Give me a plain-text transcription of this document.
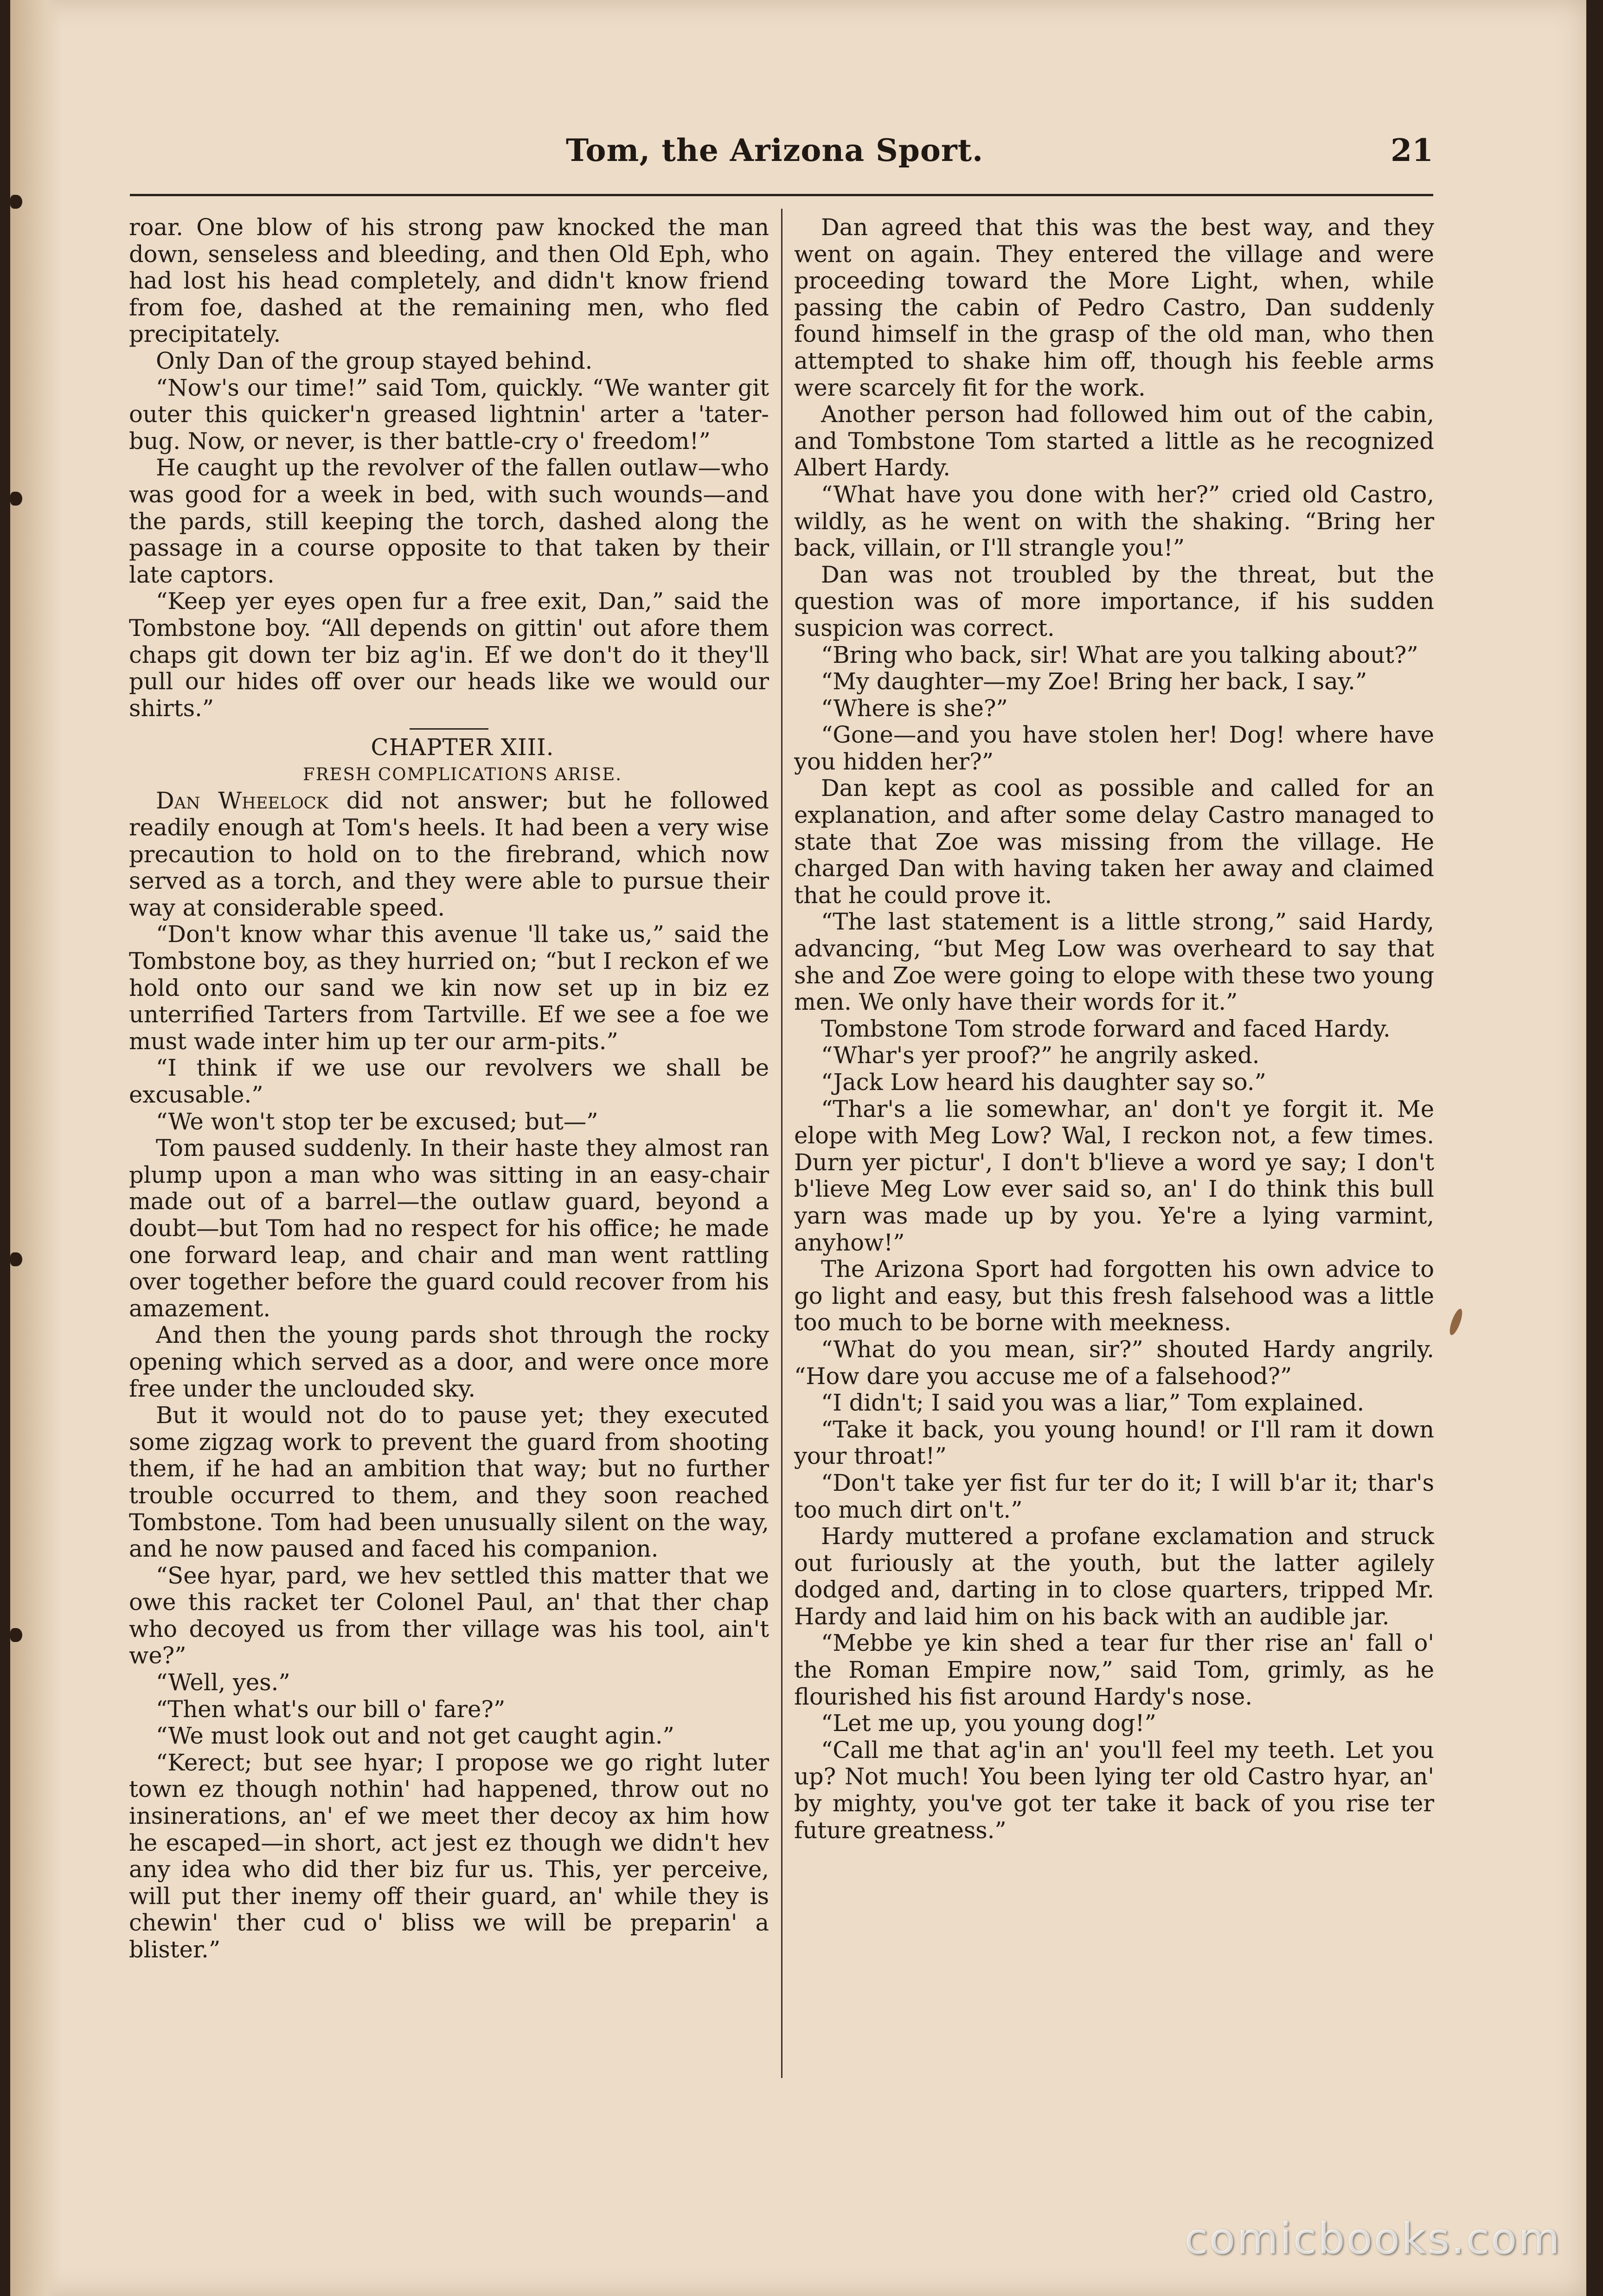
Tom, the Arizona Sport.	21

roar. One blow of his strong paw knocked the man down, senseless and bleeding, and then Old Eph, who had lost his head completely, and didn't know friend from foe, dashed at the remaining men, who fled precipitately.

Only Dan of the group stayed behind.

“Now's our time!” said Tom, quickly. “We wanter git outer this quicker'n greased lightnin' arter a 'tater-bug. Now, or never, is ther battle-cry o' freedom!”

He caught up the revolver of the fallen outlaw—who was good for a week in bed, with such wounds—and the pards, still keeping the torch, dashed along the passage in a course opposite to that taken by their late captors.

“Keep yer eyes open fur a free exit, Dan,” said the Tombstone boy. “All depends on gittin' out afore them chaps git down ter biz ag'in. Ef we don't do it they'll pull our hides off over our heads like we would our shirts.”

CHAPTER XIII.

FRESH COMPLICATIONS ARISE.

Dan Wheelock did not answer; but he followed readily enough at Tom's heels. It had been a very wise precaution to hold on to the firebrand, which now served as a torch, and they were able to pursue their way at considerable speed.

“Don't know whar this avenue 'll take us,” said the Tombstone boy, as they hurried on; “but I reckon ef we hold onto our sand we kin now set up in biz ez unterrified Tarters from Tartville. Ef we see a foe we must wade inter him up ter our arm-pits.”

“I think if we use our revolvers we shall be excusable.”

“We won't stop ter be excused; but—”

Tom paused suddenly. In their haste they almost ran plump upon a man who was sitting in an easy-chair made out of a barrel—the outlaw guard, beyond a doubt—but Tom had no respect for his office; he made one forward leap, and chair and man went rattling over together before the guard could recover from his amazement.

And then the young pards shot through the rocky opening which served as a door, and were once more free under the unclouded sky.

But it would not do to pause yet; they executed some zigzag work to prevent the guard from shooting them, if he had an ambition that way; but no further trouble occurred to them, and they soon reached Tombstone. Tom had been unusually silent on the way, and he now paused and faced his companion.

“See hyar, pard, we hev settled this matter that we owe this racket ter Colonel Paul, an' that ther chap who decoyed us from ther village was his tool, ain't we?”

“Well, yes.”

“Then what's our bill o' fare?”

“We must look out and not get caught agin.”

“Kerect; but see hyar; I propose we go right luter town ez though nothin' had happened, throw out no insinerations, an' ef we meet ther decoy ax him how he escaped—in short, act jest ez though we didn't hev any idea who did ther biz fur us. This, yer perceive, will put ther inemy off their guard, an' while they is chewin' ther cud o' bliss we will be preparin' a blister.”

Dan agreed that this was the best way, and they went on again. They entered the village and were proceeding toward the More Light, when, while passing the cabin of Pedro Castro, Dan suddenly found himself in the grasp of the old man, who then attempted to shake him off, though his feeble arms were scarcely fit for the work.

Another person had followed him out of the cabin, and Tombstone Tom started a little as he recognized Albert Hardy.

“What have you done with her?” cried old Castro, wildly, as he went on with the shaking. “Bring her back, villain, or I'll strangle you!”

Dan was not troubled by the threat, but the question was of more importance, if his sudden suspicion was correct.

“Bring who back, sir! What are you talking about?”

“My daughter—my Zoe! Bring her back, I say.”

“Where is she?”

“Gone—and you have stolen her! Dog! where have you hidden her?”

Dan kept as cool as possible and called for an explanation, and after some delay Castro managed to state that Zoe was missing from the village. He charged Dan with having taken her away and claimed that he could prove it.

“The last statement is a little strong,” said Hardy, advancing, “but Meg Low was overheard to say that she and Zoe were going to elope with these two young men. We only have their words for it.”

Tombstone Tom strode forward and faced Hardy.

“Whar's yer proof?” he angrily asked.

“Jack Low heard his daughter say so.”

“Thar's a lie somewhar, an' don't ye forgit it. Me elope with Meg Low? Wal, I reckon not, a few times. Durn yer pictur', I don't b'lieve a word ye say; I don't b'lieve Meg Low ever said so, an' I do think this bull yarn was made up by you. Ye're a lying varmint, anyhow!”

The Arizona Sport had forgotten his own advice to go light and easy, but this fresh falsehood was a little too much to be borne with meekness.

“What do you mean, sir?” shouted Hardy angrily. “How dare you accuse me of a falsehood?”

“I didn't; I said you was a liar,” Tom explained.

“Take it back, you young hound! or I'll ram it down your throat!”

“Don't take yer fist fur ter do it; I will b'ar it; thar's too much dirt on't.”

Hardy muttered a profane exclamation and struck out furiously at the youth, but the latter agilely dodged and, darting in to close quarters, tripped Mr. Hardy and laid him on his back with an audible jar.

“Mebbe ye kin shed a tear fur ther rise an' fall o' the Roman Empire now,” said Tom, grimly, as he flourished his fist around Hardy's nose.

“Let me up, you young dog!”

“Call me that ag'in an' you'll feel my teeth. Let you up? Not much! You been lying ter old Castro hyar, an' by mighty, you've got ter take it back of you rise ter future greatness.”

comicbooks.com
